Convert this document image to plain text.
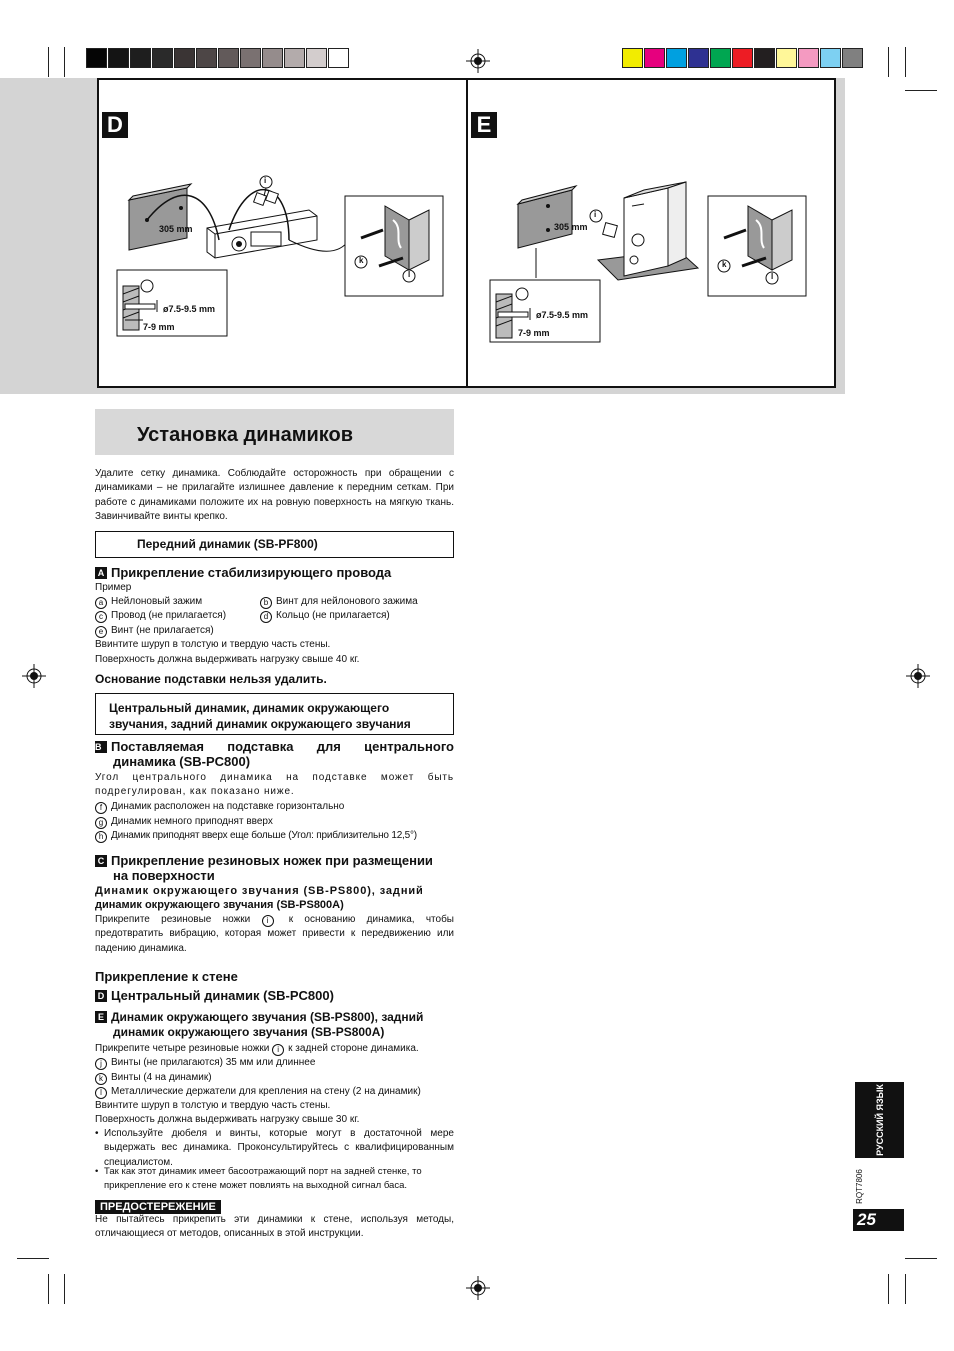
D
305 mm
ø7.5-9.5 mm
7-9 mm
k
l
i
E
305 mm
ø7.5-9.5 mm
7-9 mm
k
l
i
Установка динамиков
Удалите сетку динамика. Соблюдайте осторожность при обращении с динамиками – не прилагайте излишнее давление к передним сеткам. При работе с динамиками положите их на ровную поверхность на мягкую ткань. Завинчивайте винты крепко.
Передний динамик (SB-PF800)
A Прикрепление стабилизирующего провода
Пример
a Нейлоновый зажим	b Винт для нейлонового зажима
c Провод (не прилагается)	d Кольцо (не прилагается)
e Винт (не прилагается)
Ввинтите шуруп в толстую и твердую часть стены.
Поверхность должна выдерживать нагрузку свыше 40 кг.
Основание подставки нельзя удалить.
Центральный динамик, динамик окружающего
звучания, задний динамик окружающего звучания
B Поставляемая подставка для центрального
динамика (SB-PC800)
Угол центрального динамика на подставке может быть подрегулирован, как показано ниже.
f Динамик расположен на подставке горизонтально
g Динамик немного приподнят вверх
h Динамик приподнят вверх еще больше (Угол: приблизительно 12,5°)
C Прикрепление резиновых ножек при размещении
на поверхности
Динамик окружающего звучания (SB-PS800), задний
динамик окружающего звучания (SB-PS800A)
Прикрепите резиновые ножки i к основанию динамика, чтобы предотвратить вибрацию, которая может привести к передвижению или падению динамика.
Прикрепление к стене
D Центральный динамик (SB-PC800)
E Динамик окружающего звучания (SB-PS800), задний
динамик окружающего звучания (SB-PS800A)
Прикрепите четыре резиновые ножки i к задней стороне динамика.
j Винты (не прилагаются) 35 мм или длиннее
k Винты (4 на динамик)
l Металлические держатели для крепления на стену (2 на динамик)
Ввинтите шуруп в толстую и твердую часть стены.
Поверхность должна выдерживать нагрузку свыше 30 кг.
• Используйте дюбеля и винты, которые могут в достаточной мере выдержать вес динамика. Проконсультируйтесь с квалифицированным специалистом.
• Так как этот динамик имеет басоотражающий порт на задней стенке, то прикрепление его к стене может повлиять на выходной сигнал баса.
ПРЕДОСТЕРЕЖЕНИЕ
Не пытайтесь прикрепить эти динамики к стене, используя методы, отличающиеся от методов, описанных в этой инструкции.
РУССКИЙ ЯЗЫК
RQT7806
25
